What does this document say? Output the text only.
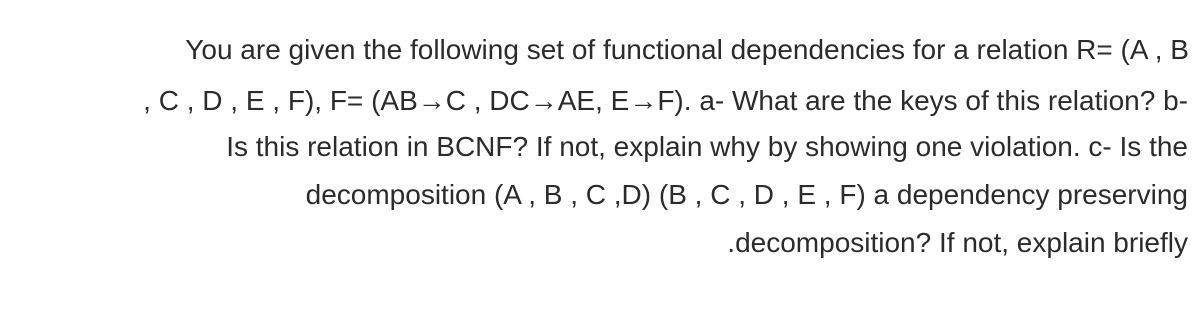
You are given the following set of functional dependencies for a relation R= (A , B
, C , D , E , F), F= (AB→C , DC→AE, E→F). a- What are the keys of this relation? b-
Is this relation in BCNF? If not, explain why by showing one violation. c- Is the
decomposition (A , B , C ,D) (B , C , D , E , F) a dependency preserving
.decomposition? If not, explain briefly
